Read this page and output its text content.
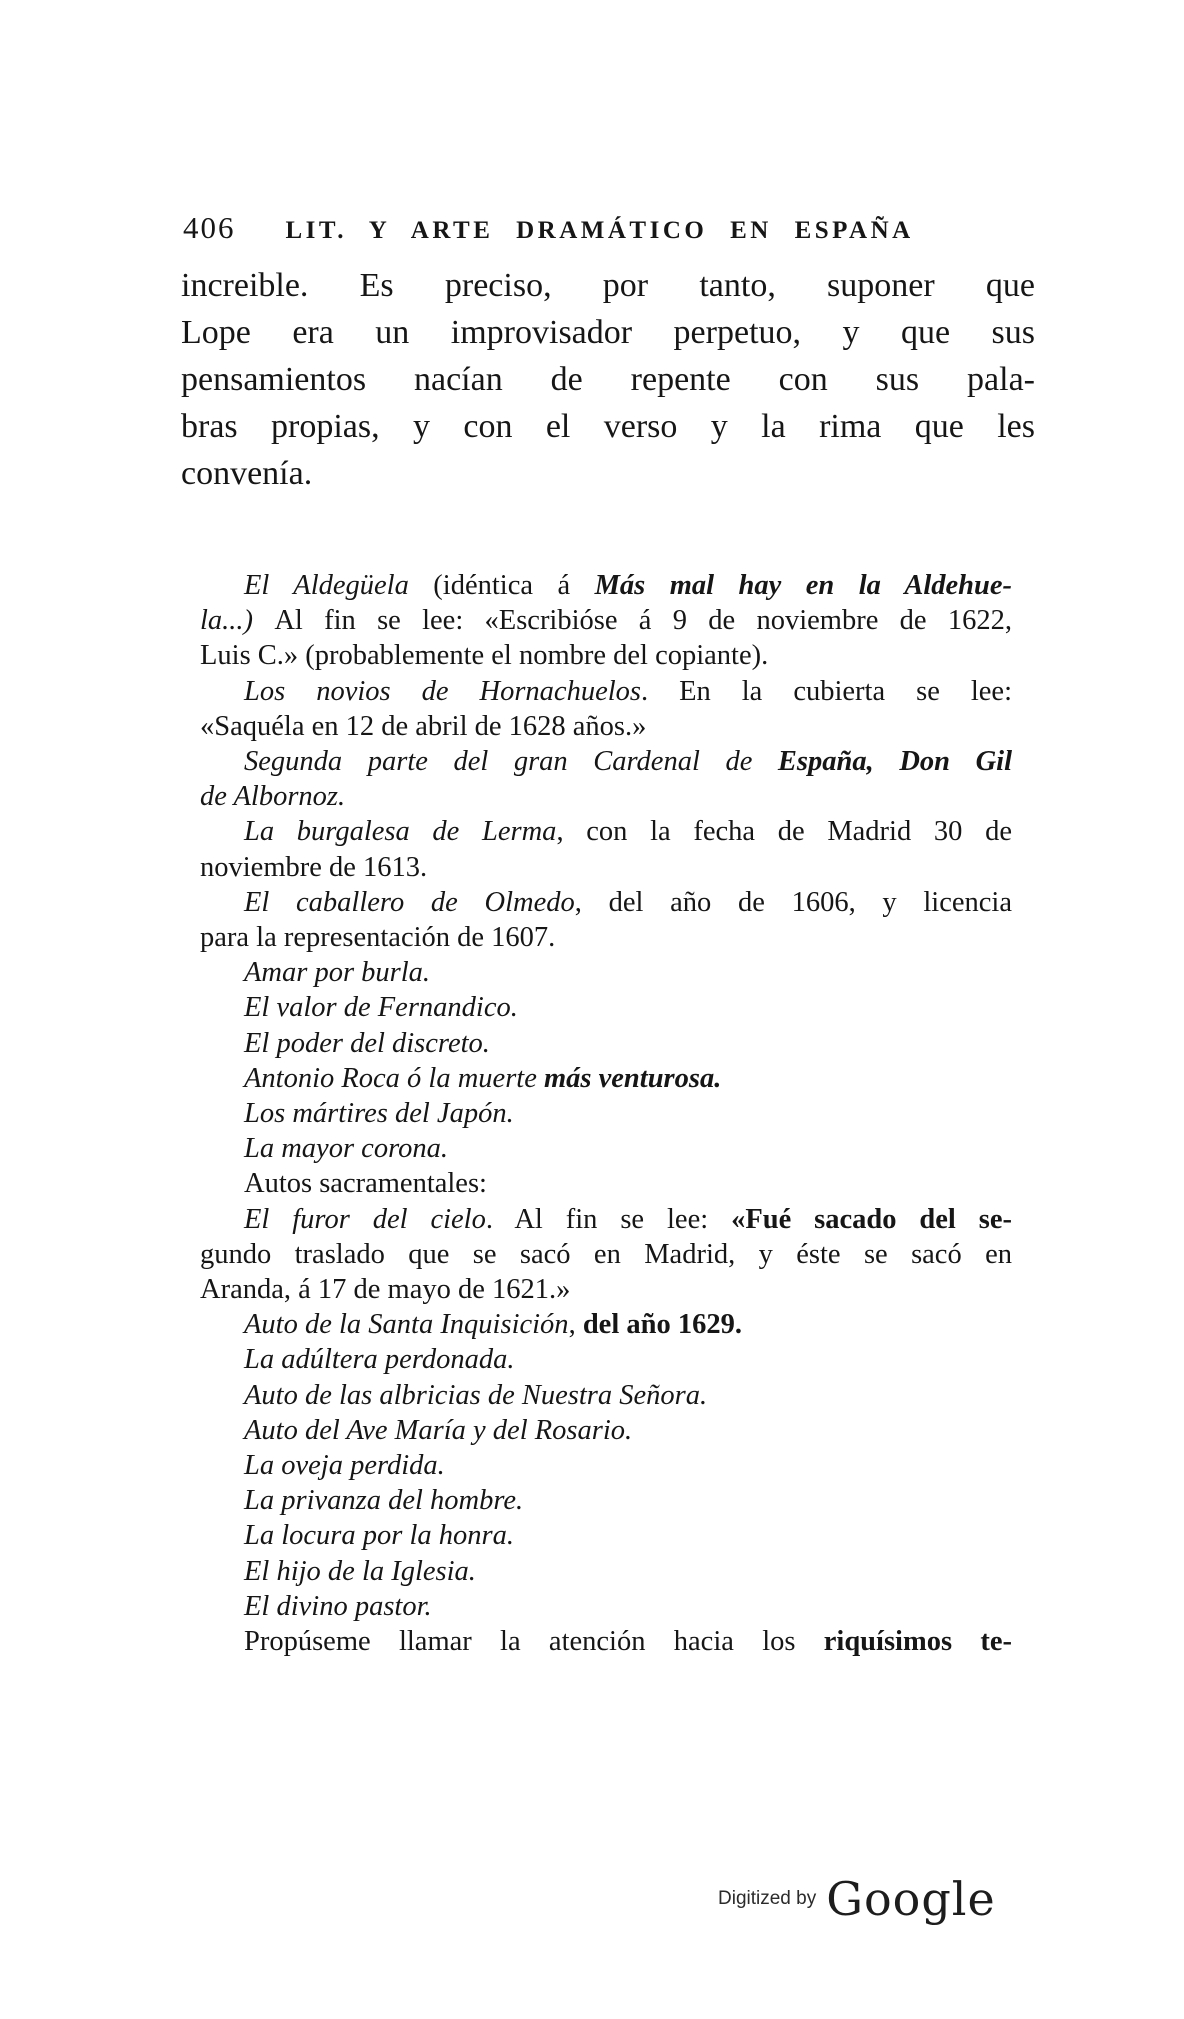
406 LIT. Y ARTE DRAMÁTICO EN ESPAÑA

increible. Es preciso, por tanto, suponer que

Lope era un improvisador perpetuo, y que sus

pensamientos nacían de repente con sus pala-

bras propias, y con el verso y la rima que les

convenía.

El Aldegüela (idéntica á Más mal hay en la Aldehue-

la...) Al fin se lee: «Escribióse á 9 de noviembre de 1622,

Luis C.» (probablemente el nombre del copiante).

Los novios de Hornachuelos. En la cubierta se lee:

«Saquéla en 12 de abril de 1628 años.»

Segunda parte del gran Cardenal de España, Don Gil

de Albornoz.

La burgalesa de Lerma, con la fecha de Madrid 30 de

noviembre de 1613.

El caballero de Olmedo, del año de 1606, y licencia

para la representación de 1607.

Amar por burla.

El valor de Fernandico.

El poder del discreto.

Antonio Roca ó la muerte más venturosa.

Los mártires del Japón.

La mayor corona.

Autos sacramentales:

El furor del cielo. Al fin se lee: «Fué sacado del se-

gundo traslado que se sacó en Madrid, y éste se sacó en

Aranda, á 17 de mayo de 1621.»

Auto de la Santa Inquisición, del año 1629.

La adúltera perdonada.

Auto de las albricias de Nuestra Señora.

Auto del Ave María y del Rosario.

La oveja perdida.

La privanza del hombre.

La locura por la honra.

El hijo de la Iglesia.

El divino pastor.

Propúseme llamar la atención hacia los riquísimos te-

Digitized by Google
